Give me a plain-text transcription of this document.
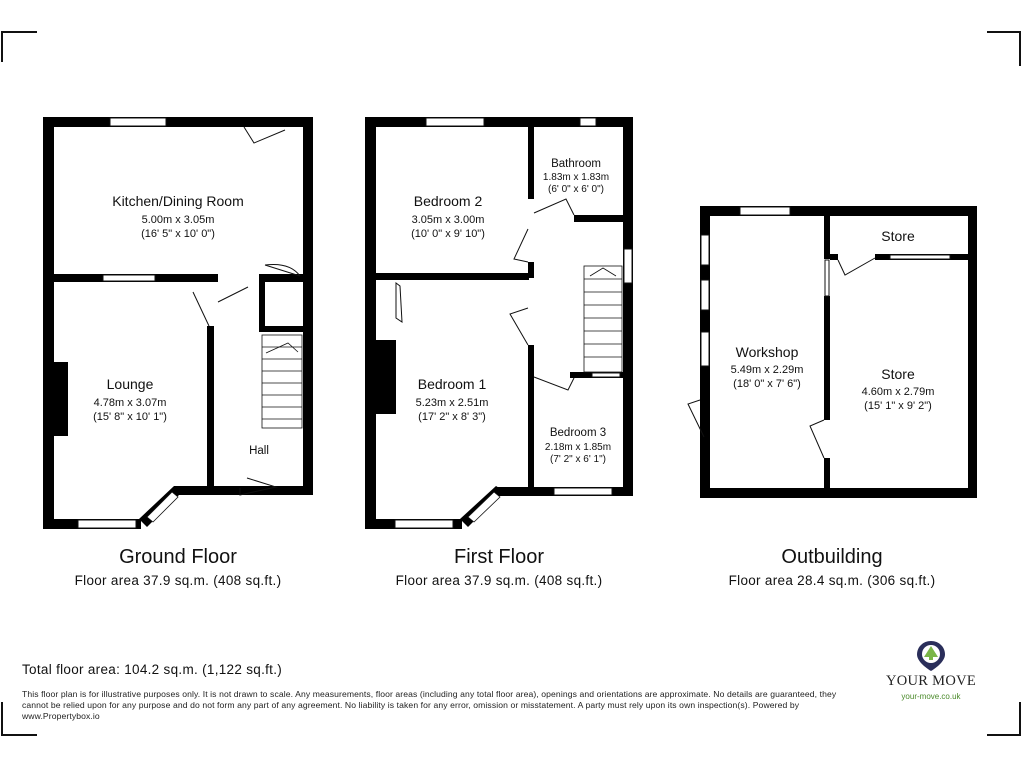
Kitchen/Dining Room
5.00m x 3.05m
(16' 5" x 10' 0")
Lounge
4.78m x 3.07m
(15' 8" x 10' 1")
Hall
Ground Floor
Floor area 37.9 sq.m. (408 sq.ft.)
Bedroom 2
3.05m x 3.00m
(10' 0" x 9' 10")
Bathroom
1.83m x 1.83m
(6' 0" x 6' 0")
Bedroom 1
5.23m x 2.51m
(17' 2" x 8' 3")
Bedroom 3
2.18m x 1.85m
(7' 2" x 6' 1")
First Floor
Floor area 37.9 sq.m. (408 sq.ft.)
Store
Workshop
5.49m x 2.29m
(18' 0" x 7' 6")
Store
4.60m x 2.79m
(15' 1" x 9' 2")
Outbuilding
Floor area 28.4 sq.m. (306 sq.ft.)
Total floor area: 104.2 sq.m. (1,122 sq.ft.)
This floor plan is for illustrative purposes only. It is not drawn to scale. Any measurements, floor areas (including any total floor area), openings and orientations are approximate. No details are guaranteed, they cannot be relied upon for any purpose and do not form any part of any agreement. No liability is taken for any error, omission or misstatement. A party must rely upon its own inspection(s). Powered by www.Propertybox.io
YOUR MOVE
your-move.co.uk
